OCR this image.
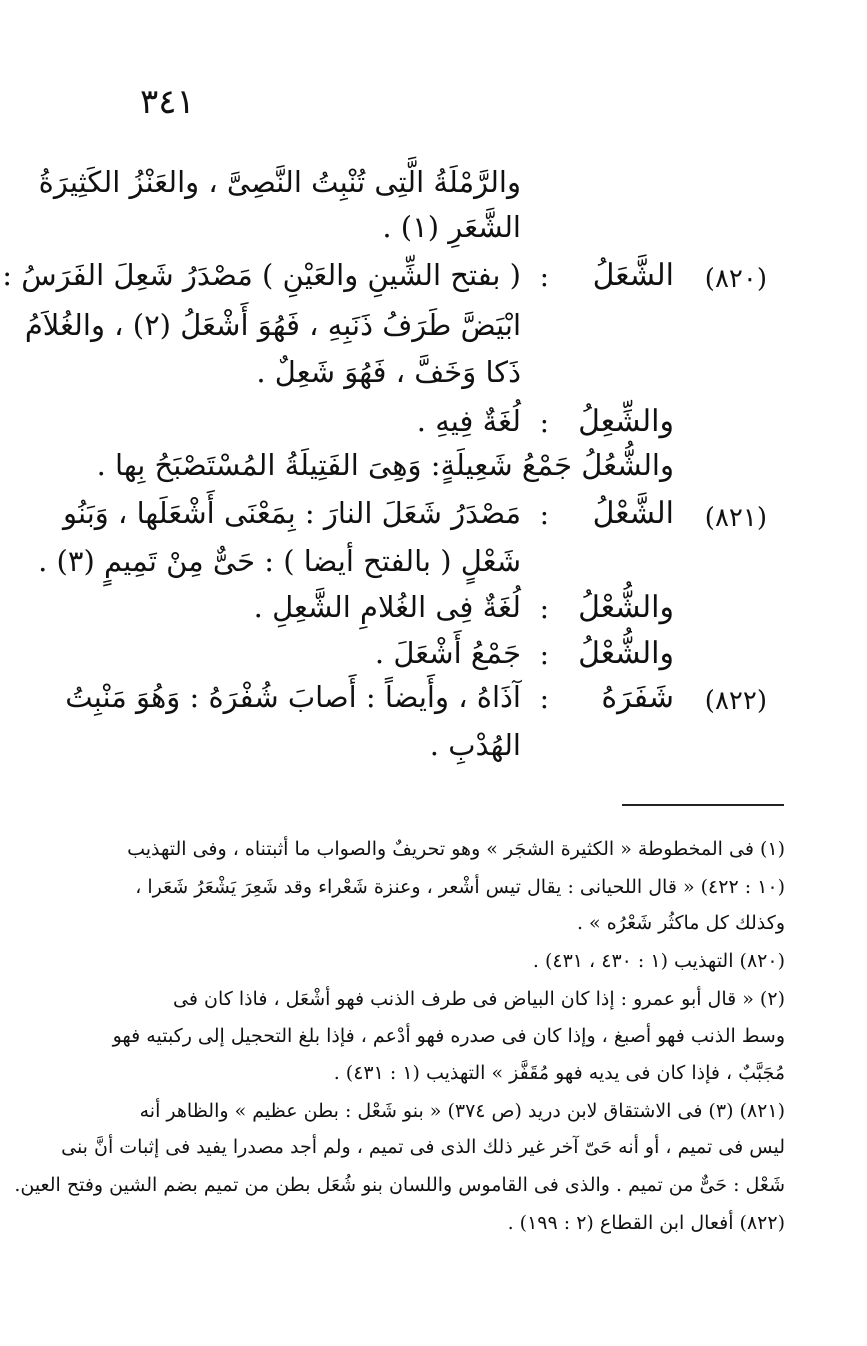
٣٤١
والرَّمْلَةُ الَّتِى تُنْبِتُ النَّصِىَّ ، والعَنْزُ الكَثِيرَةُ
الشَّعَرِ (١) .
(٨٢٠)
الشَّعَلُ
:
( بفتح الشِّينِ والعَيْنِ ) مَصْدَرُ شَعِلَ الفَرَسُ :
ابْيَضَّ طَرَفُ ذَنَبِهِ ، فَهُوَ أَشْعَلُ (٢) ، والغُلاَمُ
ذَكا وَخَفَّ ، فَهُوَ شَعِلٌ .
والشِّعِلُ
:
لُغَةٌ فِيهِ .
والشُّعُلُ جَمْعُ شَعِيلَةٍ: وَهِىَ الفَتِيلَةُ المُسْتَصْبَحُ بِها .
(٨٢١)
الشَّعْلُ
:
مَصْدَرُ شَعَلَ النارَ : بِمَعْنَى أَشْعَلَها ، وَبَنُو
شَعْلٍ ( بالفتح أيضا ) : حَىٌّ مِنْ تَمِيمٍ (٣) .
والشُّعْلُ
:
لُغَةٌ فِى الغُلامِ الشَّعِلِ .
والشُّعْلُ
:
جَمْعُ أَشْعَلَ .
(٨٢٢)
شَفَرَهُ
:
آذَاهُ ، وأَيضاً : أَصابَ شُفْرَهُ : وَهُوَ مَنْبِتُ
الهُدْبِ .
(١) فى المخطوطة « الكثيرة الشجَر » وهو تحريفٌ والصواب ما أثبتناه ، وفى التهذيب
(١٠ : ٤٢٢) « قال اللحيانى : يقال تيس أشْعر ، وعنزة شَعْراء وقد شَعِرَ يَشْعَرُ شَعَرا ،
وكذلك كل ماكثُر شَعْرُه » .
(٨٢٠) التهذيب (١ : ٤٣٠ ، ٤٣١) .
(٢) « قال أبو عمرو : إذا كان البياض فى طرف الذنب فهو أشْعَل ، فاذا كان فى
وسط الذنب فهو أصبغ ، وإذا كان فى صدره فهو أدْعم ، فإذا بلغ التحجيل إلى ركبتيه فهو
مُجَبَّبٌ ، فإذا كان فى يديه فهو مُقَفَّز » التهذيب (١ : ٤٣١) .
(٨٢١) (٣) فى الاشتقاق لابن دريد (ص ٣٧٤) « بنو شَعْل : بطن عظيم » والظاهر أنه
ليس فى تميم ، أو أنه حَىّ آخر غير ذلك الذى فى تميم ، ولم أجد مصدرا يفيد فى إثبات أنَّ بنى
شَعْل : حَىٌّ من تميم . والذى فى القاموس واللسان بنو شُعَل بطن من تميم بضم الشين وفتح العين.
(٨٢٢) أفعال ابن القطاع (٢ : ١٩٩) .
